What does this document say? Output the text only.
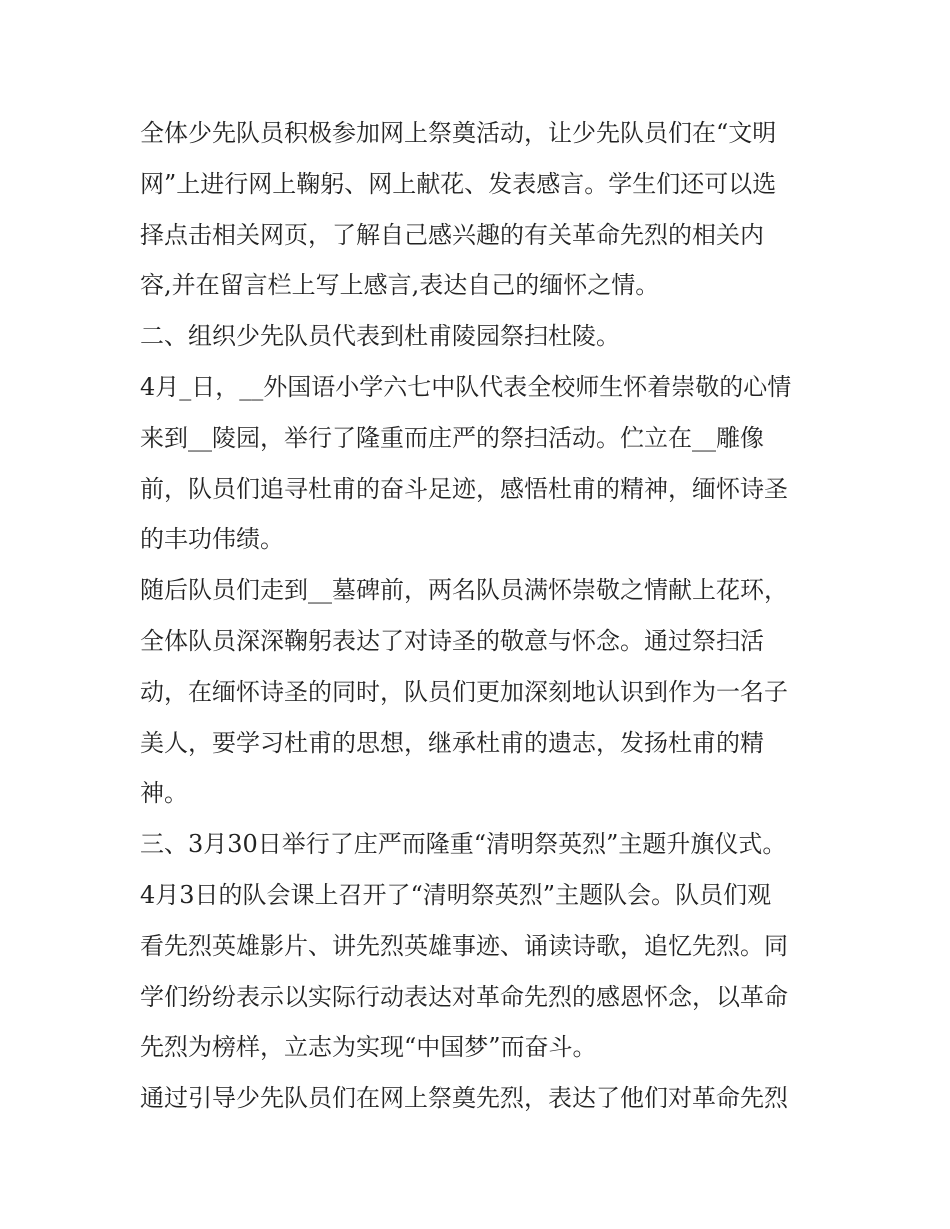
全体少先队员积极参加网上祭奠活动，让少先队员们在“文明
网”上进行网上鞠躬、网上献花、发表感言。学生们还可以选
择点击相关网页，了解自己感兴趣的有关革命先烈的相关内
容,并在留言栏上写上感言,表达自己的缅怀之情。
二、组织少先队员代表到杜甫陵园祭扫杜陵。
4月_日，__外国语小学六七中队代表全校师生怀着崇敬的心情
来到__陵园，举行了隆重而庄严的祭扫活动。伫立在__雕像
前，队员们追寻杜甫的奋斗足迹，感悟杜甫的精神，缅怀诗圣
的丰功伟绩。
随后队员们走到__墓碑前，两名队员满怀崇敬之情献上花环，
全体队员深深鞠躬表达了对诗圣的敬意与怀念。通过祭扫活
动，在缅怀诗圣的同时，队员们更加深刻地认识到作为一名子
美人，要学习杜甫的思想，继承杜甫的遗志，发扬杜甫的精
神。
三、3月30日举行了庄严而隆重“清明祭英烈”主题升旗仪式。
4月3日的队会课上召开了“清明祭英烈”主题队会。队员们观
看先烈英雄影片、讲先烈英雄事迹、诵读诗歌，追忆先烈。同
学们纷纷表示以实际行动表达对革命先烈的感恩怀念，以革命
先烈为榜样，立志为实现“中国梦”而奋斗。
通过引导少先队员们在网上祭奠先烈，表达了他们对革命先烈
